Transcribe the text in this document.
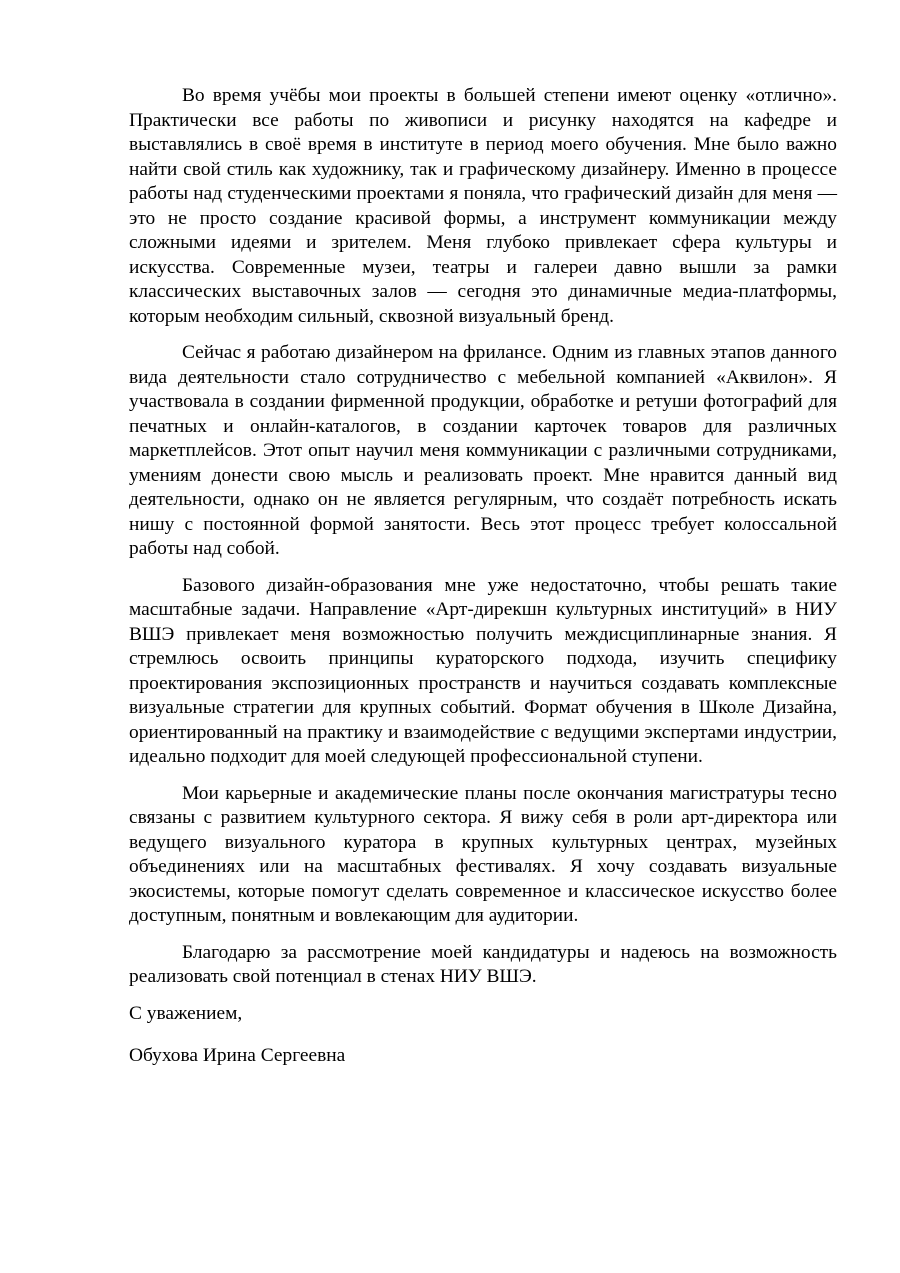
Во время учёбы мои проекты в большей степени имеют оценку «отлично». Практически все работы по живописи и рисунку находятся на кафедре и выставлялись в своё время в институте в период моего обучения. Мне было важно найти свой стиль как художнику, так и графическому дизайнеру. Именно в процессе работы над студенческими проектами я поняла, что графический дизайн для меня — это не просто создание красивой формы, а инструмент коммуникации между сложными идеями и зрителем. Меня глубоко привлекает сфера культуры и искусства. Современные музеи, театры и галереи давно вышли за рамки классических выставочных залов — сегодня это динамичные медиа-платформы, которым необходим сильный, сквозной визуальный бренд.

Сейчас я работаю дизайнером на фрилансе. Одним из главных этапов данного вида деятельности стало сотрудничество с мебельной компанией «Аквилон». Я участвовала в создании фирменной продукции, обработке и ретуши фотографий для печатных и онлайн-каталогов, в создании карточек товаров для различных маркетплейсов. Этот опыт научил меня коммуникации с различными сотрудниками, умениям донести свою мысль и реализовать проект. Мне нравится данный вид деятельности, однако он не является регулярным, что создаёт потребность искать нишу с постоянной формой занятости. Весь этот процесс требует колоссальной работы над собой.

Базового дизайн-образования мне уже недостаточно, чтобы решать такие масштабные задачи. Направление «Арт-дирекшн культурных институций» в НИУ ВШЭ привлекает меня возможностью получить междисциплинарные знания. Я стремлюсь освоить принципы кураторского подхода, изучить специфику проектирования экспозиционных пространств и научиться создавать комплексные визуальные стратегии для крупных событий. Формат обучения в Школе Дизайна, ориентированный на практику и взаимодействие с ведущими экспертами индустрии, идеально подходит для моей следующей профессиональной ступени.

Мои карьерные и академические планы после окончания магистратуры тесно связаны с развитием культурного сектора. Я вижу себя в роли арт-директора или ведущего визуального куратора в крупных культурных центрах, музейных объединениях или на масштабных фестивалях. Я хочу создавать визуальные экосистемы, которые помогут сделать современное и классическое искусство более доступным, понятным и вовлекающим для аудитории.

Благодарю за рассмотрение моей кандидатуры и надеюсь на возможность реализовать свой потенциал в стенах НИУ ВШЭ.

С уважением,

Обухова Ирина Сергеевна
